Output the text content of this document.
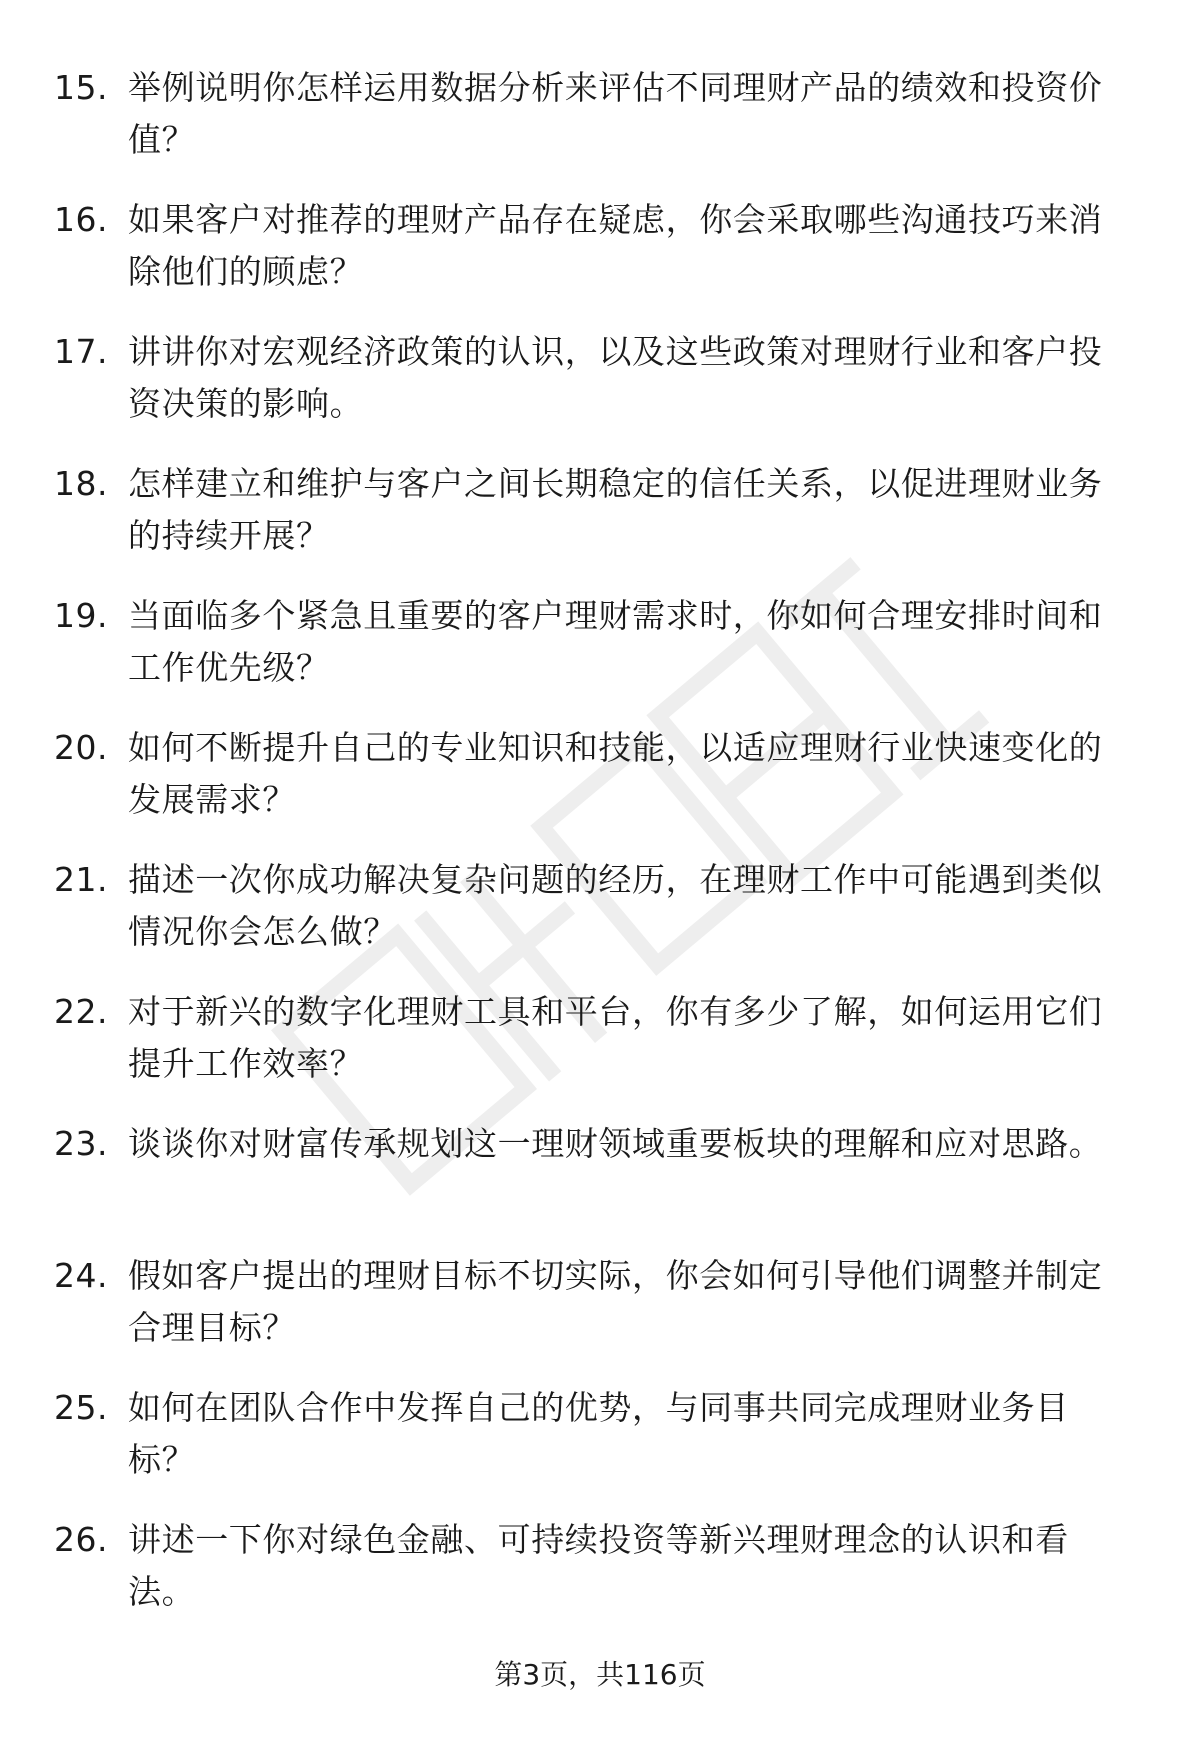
15. 举例说明你怎样运用数据分析来评估不同理财产品的绩效和投资价值？
16. 如果客户对推荐的理财产品存在疑虑，你会采取哪些沟通技巧来消除他们的顾虑？
17. 讲讲你对宏观经济政策的认识，以及这些政策对理财行业和客户投资决策的影响。
18. 怎样建立和维护与客户之间长期稳定的信任关系，以促进理财业务的持续开展？
19. 当面临多个紧急且重要的客户理财需求时，你如何合理安排时间和工作优先级？
20. 如何不断提升自己的专业知识和技能，以适应理财行业快速变化的发展需求？
21. 描述一次你成功解决复杂问题的经历，在理财工作中可能遇到类似情况你会怎么做？
22. 对于新兴的数字化理财工具和平台，你有多少了解，如何运用它们提升工作效率？
23. 谈谈你对财富传承规划这一理财领域重要板块的理解和应对思路。
24. 假如客户提出的理财目标不切实际，你会如何引导他们调整并制定合理目标？
25. 如何在团队合作中发挥自己的优势，与同事共同完成理财业务目标？
26. 讲述一下你对绿色金融、可持续投资等新兴理财理念的认识和看法。
第3页，共116页
